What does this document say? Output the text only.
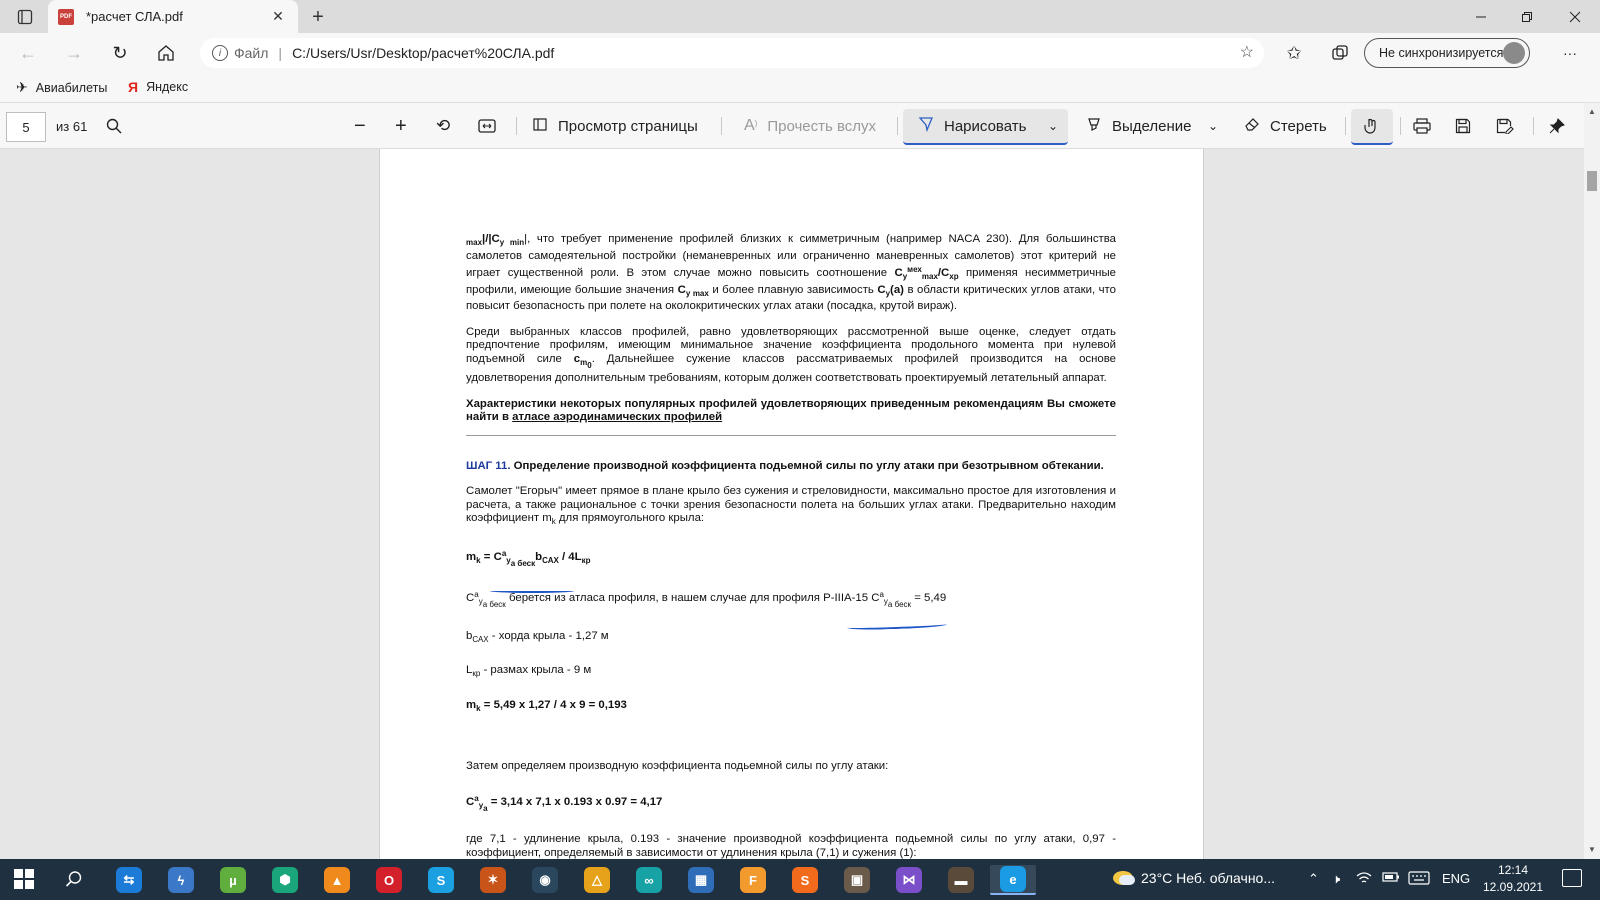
PDF *расчет СЛА.pdf	✕	+
← →	↻	i Файл | C:/Users/Usr/Desktop/расчет%20СЛА.pdf	☆	✩	Не синхронизируется	···
✈ Авиабилеты Я Яндекс
5	из 61	− + ⟲	Просмотр страницы	A) Прочесть вслух	Нарисовать ⌄	Выделение ⌄	Стереть

$_{max}|/|C_{y min}|$, что требует применение профилей близких к симметричным (например NACA 230). Для большинства самолетов самодеятельной постройки (неманевренных или ограниченно маневренных самолетов) этот критерий не играет существенной роли. В этом случае можно повысить соотношение $C_y^{мех}_{max}/C_{хр}$ применяя несимметричные профили, имеющие большие значения $C_{y max}$ и более плавную зависимость $C_y(a)$ в области критических углов атаки, что повысит безопасность при полете на околокритических углах атаки (посадка, крутой вираж).

Среди выбранных классов профилей, равно удовлетворяющих рассмотренной выше оценке, следует отдать предпочтение профилям, имеющим минимальное значение коэффициента продольного момента при нулевой подъемной силе $c_{m_0}$. Дальнейшее сужение классов рассматриваемых профилей производится на основе удовлетворения дополнительным требованиям, которым должен соответствовать проектируемый летательный аппарат.

Характеристики некоторых популярных профилей удовлетворяющих приведенным рекомендациям Вы сможете найти в атласе аэродинамических профилей

ШАГ 11. Определение производной коэффициента подьемной силы по углу атаки при безотрывном обтекании.

Самолет "Егорыч" имеет прямое в плане крыло без сужения и стреловидности, максимально простое для изготовления и расчета, а также рациональное с точки зрения безопасности полета на больших углах атаки. Предварительно находим коэффициент $m_k$ для прямоугольного крыла:

$m_k = C^a_{y_{a беск}}b_{САХ} / 4L_{кр}$

$C^a_{y_{a беск}}$ берется из атласа профиля, в нашем случае для профиля P-IIIA-15 $C^a_{y_{a беск}} = 5,49$

$b_{САХ}$ - хорда крыла - 1,27 м

$L_{кр}$ - размах крыла - 9 м

$m_k = 5,49$ х 1,27 / 4 х 9 = 0,193

Затем определяем производную коэффициента подьемной силы по углу атаки:

$C^a_{y_a} = 3,14$ х 7,1 х 0.193 х 0.97 = 4,17

где 7,1 - удлинение крыла, 0.193 - значение производной коэффициента подьемной силы по углу атаки, 0,97 - коэффициент, определяемый в зависимости от удлинения крыла (7,1) и сужения (1):

▲
▼
⇆	ϟ	µ	⬢	▲	O	S	✶	◉	△	∞	▦	F	S	▣	⋈	▬	e	23°C Неб. облачно...	⌃ 🕨	ENG
12:14
12.09.2021
